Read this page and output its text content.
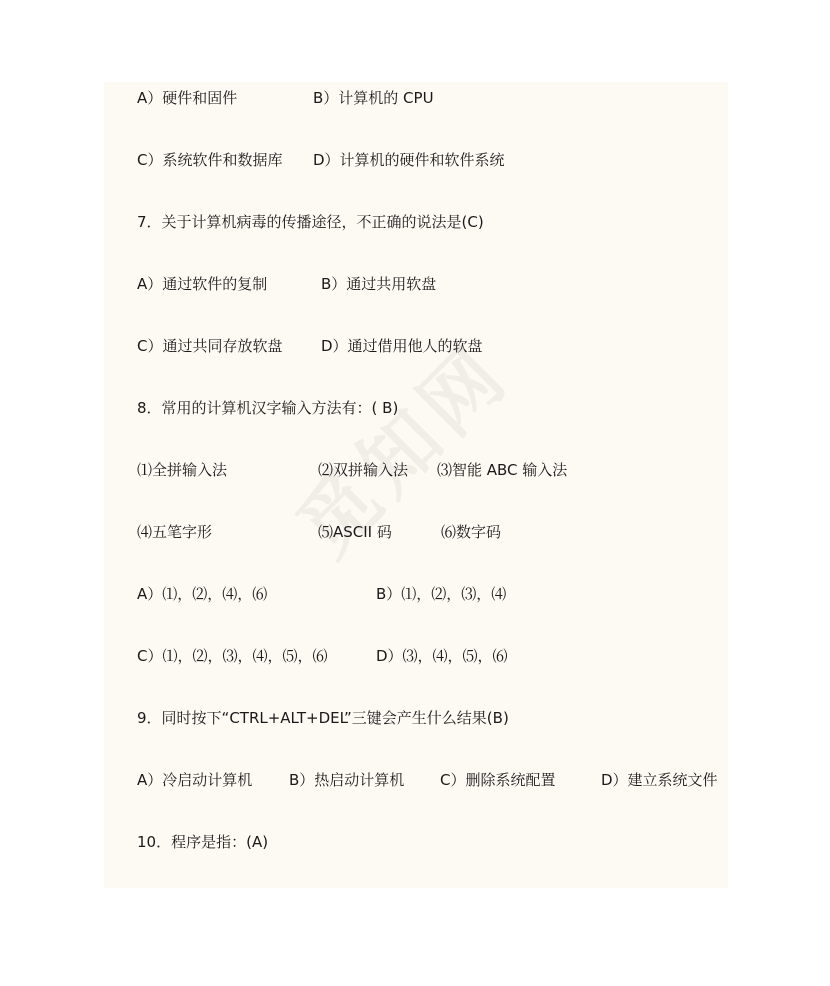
A）硬件和固件	B）计算机的 CPU
C）系统软件和数据库 D）计算机的硬件和软件系统
7．关于计算机病毒的传播途径，不正确的说法是(C)
A）通过软件的复制	B）通过共用软盘
C）通过共同存放软盘	D）通过借用他人的软盘
8．常用的计算机汉字输入方法有：( B)
⑴全拼输入法	⑵双拼输入法 ⑶智能 ABC 输入法
⑷五笔字形	⑸ASCII 码	⑹数字码
A）⑴，⑵，⑷，⑹	B）⑴，⑵，⑶，⑷
C）⑴，⑵，⑶，⑷，⑸，⑹	D）⑶，⑷，⑸，⑹
9．同时按下“CTRL+ALT+DEL”三键会产生什么结果(B)
A）冷启动计算机 B）热启动计算机 C）删除系统配置	D）建立系统文件
10．程序是指：(A)
